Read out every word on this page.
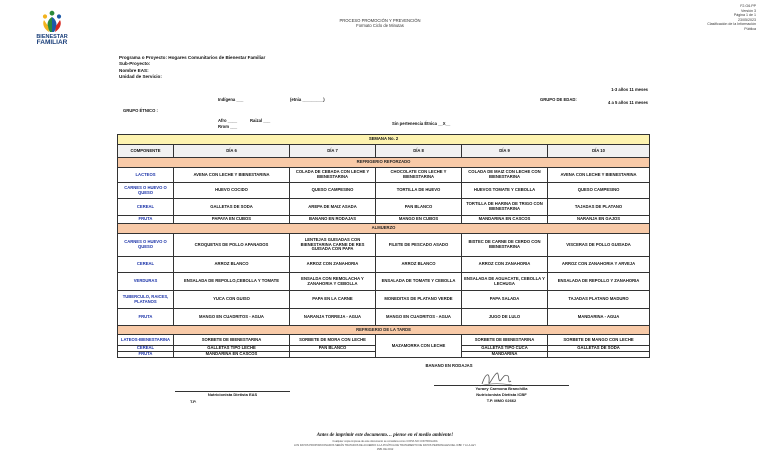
BIENESTAR
FAMILIAR
PROCESO PROMOCIÓN Y PREVENCIÓN
Formato Ciclo de Minutas
F2.G6.PP
Versión 3
Página 1 de 1
23/05/2023
Clasificación de la Información
Pública
Programa o Proyecto: Hogares Comunitarios de Bienestar Familiar
Sub-Proyecto:
Nombre EAS:
Unidad de Servicio:
GRUPO ÉTNICO :
Indígena ___	(etnia _________)
Afro ____	Raizal ___
Rrom ___
Sin pertenencia Étnica __X__
GRUPO DE EDAD:
1-3 años 11 meses
4 a 5 años 11 meses
SEMANA No. 2					
COMPONENTE	DÍA 6	DÍA 7	DÍA 8	DÍA 9	DÍA 10
REFRIGERIO REFORZADO					
LACTEOS	AVENA CON LECHE Y BIENESTARINA	COLADA DE CEBADA CON LECHE Y BIENESTARINA	CHOCOLATE CON LECHE Y BIENESTARINA	COLADA DE MAIZ CON LECHE CON BIENESTARINA	AVENA CON LECHE Y BIENESTARINA
CARNES O HUEVO O QUESO	HUEVO COCIDO	QUESO CAMPESINO	TORTILLA DE HUEVO	HUEVOS TOMATE Y CEBOLLA	QUESO CAMPESINO
CEREAL	GALLETAS DE SODA	AREPA DE MAIZ ASADA	PAN BLANCO	TORTILLA DE HARINA DE TRIGO CON BIENESTARINA	TAJADAS DE PLATANO
FRUTA	PAPAYA EN CUBOS	BANANO EN RODAJAS	MANGO EN CUBOS	MANDARINA EN CASCOS	NARANJA EN GAJOS
ALMUERZO					
CARNES O HUEVO O QUESO	CROQUETAS DE POLLO APANADOS	LENTEJAS GUISADAS CON BIENESTARINA CARNE DE RES GUISADA CON PAPA	FILETE DE PESCADO ASADO	BISTEC DE CARNE DE CERDO CON BIENESTARINA	VISCERAS DE POLLO GUISADA
CEREAL	ARROZ BLANCO	ARROZ CON ZANAHORIA	ARROZ BLANCO	ARROZ CON ZANAHORIA	ARROZ CON ZANAHORIA Y ARVEJA
VERDURAS	ENSALADA DE REPOLLO,CEBOLLA Y TOMATE	ENSALDA CON REMOLACHA Y ZANAHORIA Y CEBOLLA	ENSALADA DE TOMATE Y CEBOLLA	ENSALADA DE AGUACATE, CEBOLLA Y LECHUGA	ENSALADA DE REPOLLO Y ZANAHORIA
TUBERCULO, RAICES, PLATANOS	YUCA CON GUISO	PAPA EN LA CARNE	MONEDITAS DE PLATANO VERDE	PAPA SALADA	TAJADAS PLATANO MADURO
FRUTA	MANGO EN CUADRITOS - AGUA	NARANJA TORREJA - AGUA	MANGO EN CUADRITOS - AGUA	JUGO DE LULO	MANDARINA - AGUA
REFRIGERIO DE LA TARDE					
LATEOS-BIENESTARINA	SORBETE DE BIENESTARINA	SORBETE DE MORA CON LECHE	MAZAMORRA CON LECHE	SORBETE DE BIENESTARINA	SORBETE DE MANGO CON LECHE
CEREAL	GALLETAS TIPO LECHE	PAN BLANCO		GALLETAS TIPO CUCA	GALLETAS DE SODA
FRUTA	MANDARINA EN CASCOS			MANDARINA	
BANANO EN RODAJAS
Nutricionista Dietista EAS
T.P.
Yuraey Carmona Branchilla
Nutricionista Dietista ICBF
T.P. MMO 02662
Antes de imprimir este documento… piense en el medio ambiente!
Cualquier copia impresa de este documento se considera como COPIA NO CONTROLADA
LOS DATOS PROPORCIONADOS SERÁN TRATADOS DE ACUERDO A LA POLÍTICA DE TRATAMIENTO DE DATOS PERSONALES DEL ICBF Y A LA LEY
1581 DE 2012
